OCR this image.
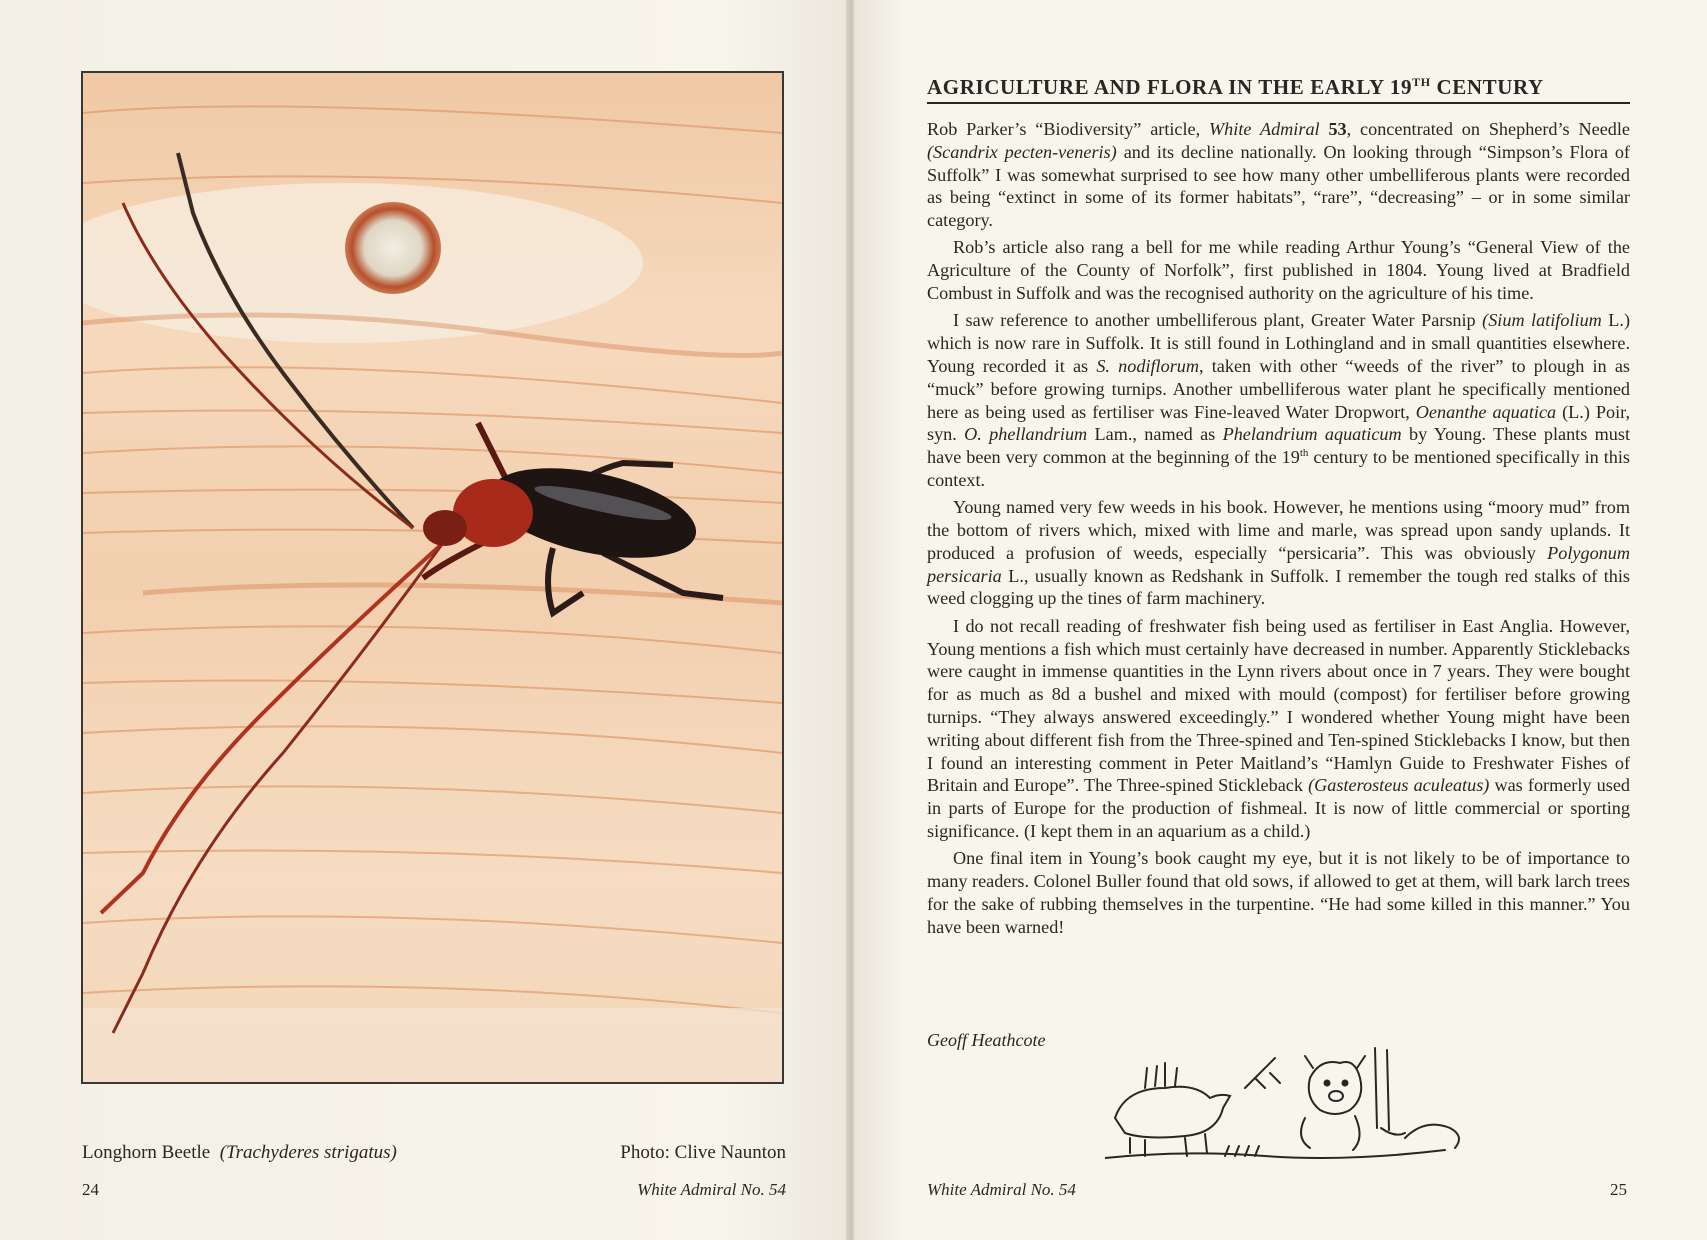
Longhorn Beetle (Trachyderes strigatus)	Photo: Clive Naunton
24	White Admiral No. 54
AGRICULTURE AND FLORA IN THE EARLY 19TH CENTURY

Rob Parker’s “Biodiversity” article, White Admiral 53, concentrated on Shepherd’s Needle (Scandrix pecten-veneris) and its decline nationally. On looking through “Simpson’s Flora of Suffolk” I was somewhat surprised to see how many other umbelliferous plants were recorded as being “extinct in some of its former habitats”, “rare”, “decreasing” – or in some similar category.

Rob’s article also rang a bell for me while reading Arthur Young’s “General View of the Agriculture of the County of Norfolk”, first published in 1804. Young lived at Bradfield Combust in Suffolk and was the recognised authority on the agriculture of his time.

I saw reference to another umbelliferous plant, Greater Water Parsnip (Sium latifolium L.) which is now rare in Suffolk. It is still found in Lothingland and in small quantities elsewhere. Young recorded it as S. nodiflorum, taken with other “weeds of the river” to plough in as “muck” before growing turnips. Another umbelliferous water plant he specifically mentioned here as being used as fertiliser was Fine-leaved Water Dropwort, Oenanthe aquatica (L.) Poir, syn. O. phellandrium Lam., named as Phelandrium aquaticum by Young. These plants must have been very common at the beginning of the 19th century to be mentioned specifically in this context.

Young named very few weeds in his book. However, he mentions using “moory mud” from the bottom of rivers which, mixed with lime and marle, was spread upon sandy uplands. It produced a profusion of weeds, especially “persicaria”. This was obviously Polygonum persicaria L., usually known as Redshank in Suffolk. I remember the tough red stalks of this weed clogging up the tines of farm machinery.

I do not recall reading of freshwater fish being used as fertiliser in East Anglia. However, Young mentions a fish which must certainly have decreased in number. Apparently Sticklebacks were caught in immense quantities in the Lynn rivers about once in 7 years. They were bought for as much as 8d a bushel and mixed with mould (compost) for fertiliser before growing turnips. “They always answered exceedingly.” I wondered whether Young might have been writing about different fish from the Three-spined and Ten-spined Sticklebacks I know, but then I found an interesting comment in Peter Maitland’s “Hamlyn Guide to Freshwater Fishes of Britain and Europe”. The Three-spined Stickleback (Gasterosteus aculeatus) was formerly used in parts of Europe for the production of fishmeal. It is now of little commercial or sporting significance. (I kept them in an aquarium as a child.)

One final item in Young’s book caught my eye, but it is not likely to be of importance to many readers. Colonel Buller found that old sows, if allowed to get at them, will bark larch trees for the sake of rubbing themselves in the turpentine. “He had some killed in this manner.” You have been warned!

Geoff Heathcote
White Admiral No. 54	25
